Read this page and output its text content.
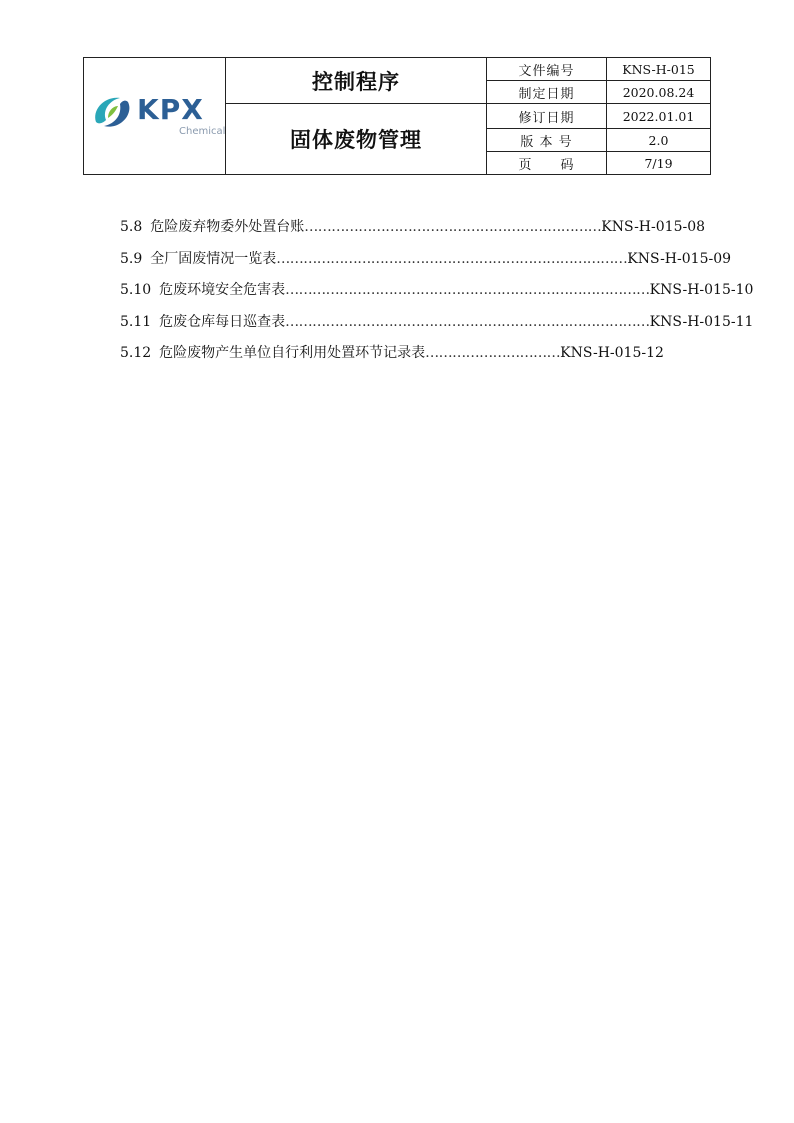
KPX
Chemical	控制程序	文件编号	KNS-H-015
		制定日期	2020.08.24
	固体废物管理	修订日期	2022.01.01
		版 本 号	2.0
		页　　码	7/19
5.8 危险废弃物委外处置台账…………………………………………………………KNS-H-015-08
5.9 全厂固废情况一览表……………………………………………………………………KNS-H-015-09
5.10 危废环境安全危害表………………………………………………………………………KNS-H-015-10
5.11 危废仓库每日巡查表………………………………………………………………………KNS-H-015-11
5.12 危险废物产生单位自行利用处置环节记录表…………………………KNS-H-015-12
